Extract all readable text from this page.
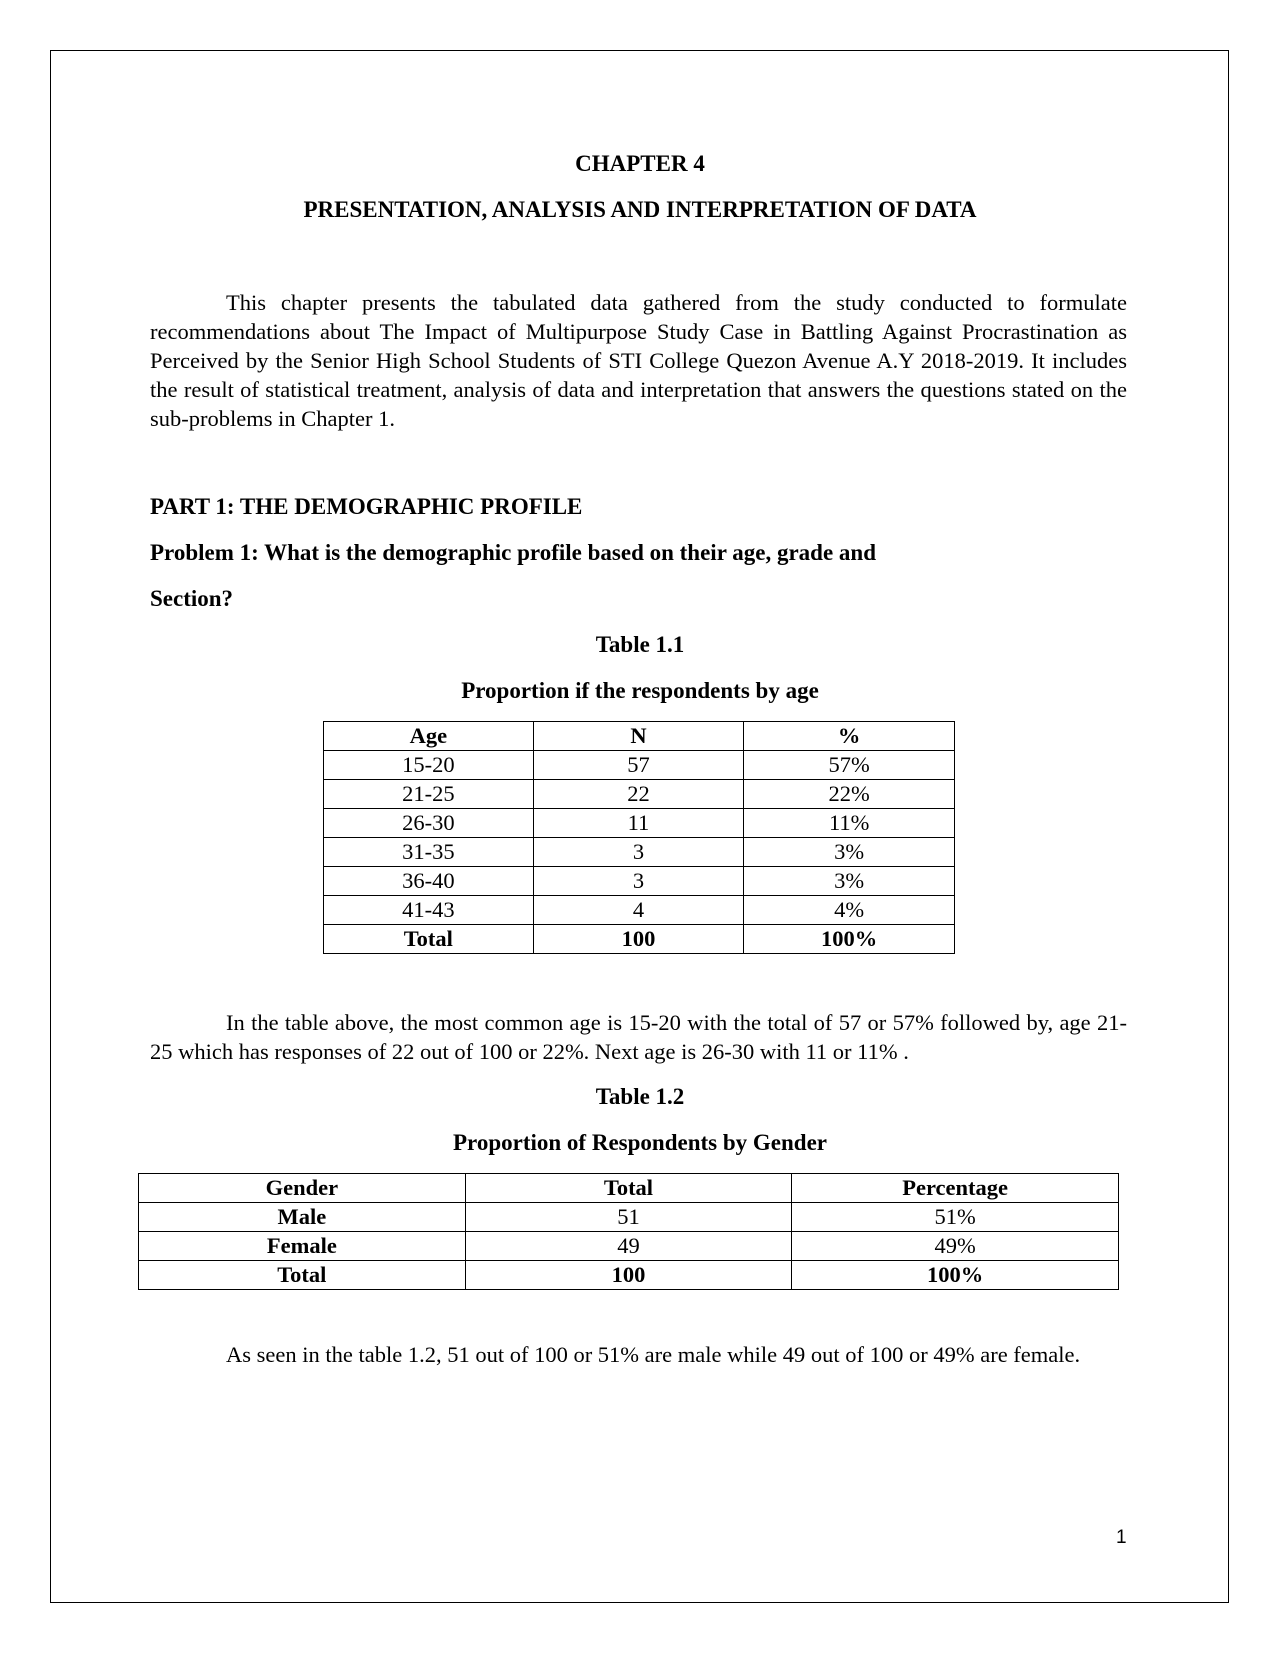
CHAPTER 4
PRESENTATION, ANALYSIS AND INTERPRETATION OF DATA
This chapter presents the tabulated data gathered from the study conducted to formulate recommendations about The Impact of Multipurpose Study Case in Battling Against Procrastination as Perceived by the Senior High School Students of STI College Quezon Avenue A.Y 2018-2019. It includes the result of statistical treatment, analysis of data and interpretation that answers the questions stated on the sub-problems in Chapter 1.
PART 1: THE DEMOGRAPHIC PROFILE
Problem 1: What is the demographic profile based on their age, grade and
Section?
Table 1.1
Proportion if the respondents by age
Age	N	%
15-20	57	57%
21-25	22	22%
26-30	11	11%
31-35	3	3%
36-40	3	3%
41-43	4	4%
Total	100	100%
In the table above, the most common age is 15-20 with the total of 57 or 57% followed by, age 21-25 which has responses of 22 out of 100 or 22%. Next age is 26-30 with 11 or 11% .
Table 1.2
Proportion of Respondents by Gender
Gender	Total	Percentage
Male	51	51%
Female	49	49%
Total	100	100%
As seen in the table 1.2, 51 out of 100 or 51% are male while 49 out of 100 or 49% are female.
1
